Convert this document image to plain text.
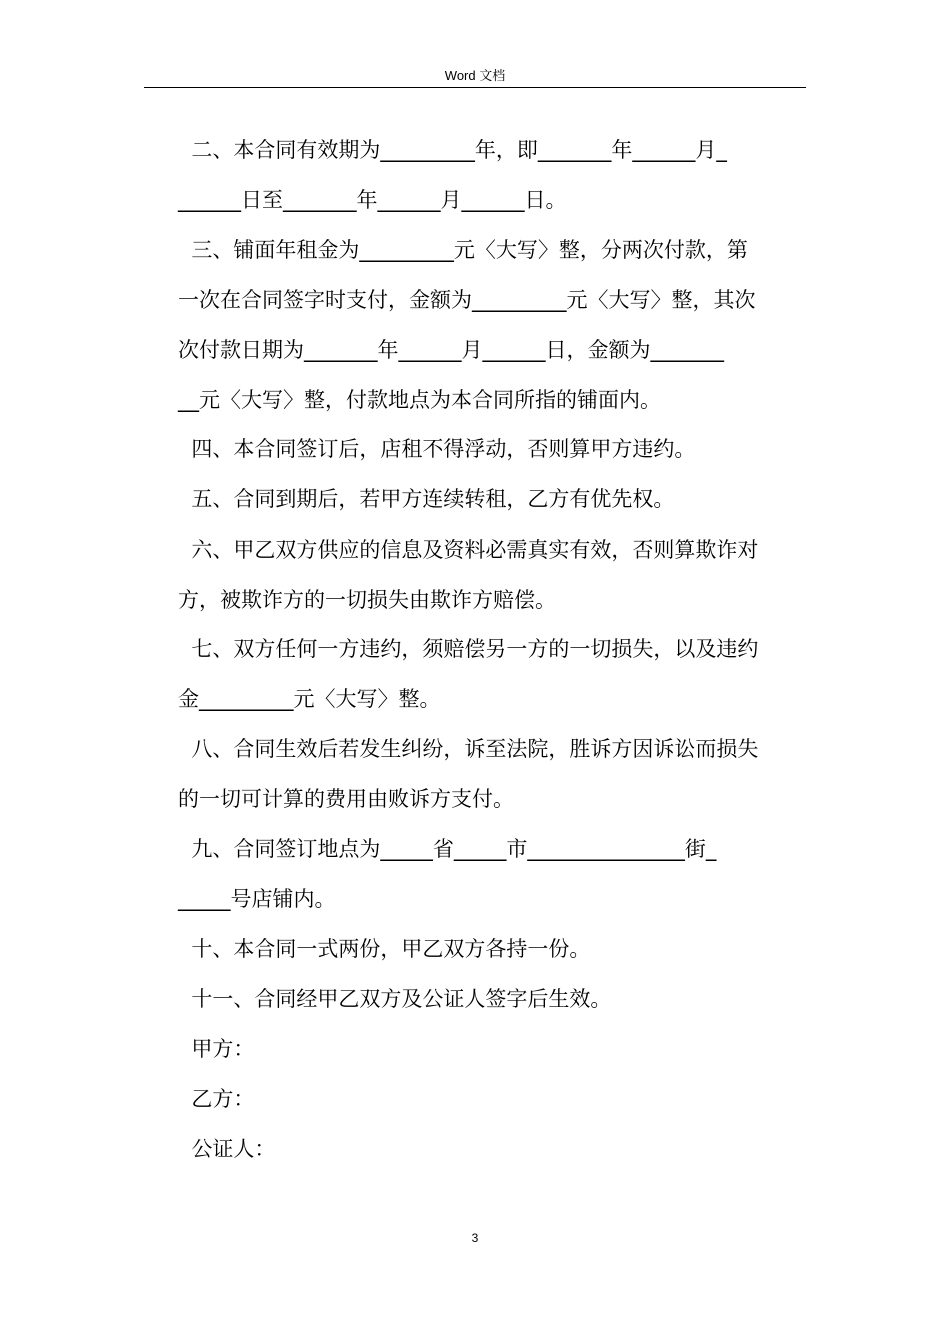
Word 文档
二、本合同有效期为_________年，即_______年______月_
______日至_______年______月______日。
三、铺面年租金为_________元〈大写〉整，分两次付款，第
一次在合同签字时支付，金额为_________元〈大写〉整，其次
次付款日期为_______年______月______日，金额为_______
__元〈大写〉整，付款地点为本合同所指的铺面内。
四、本合同签订后，店租不得浮动，否则算甲方违约。
五、合同到期后，若甲方连续转租，乙方有优先权。
六、甲乙双方供应的信息及资料必需真实有效，否则算欺诈对
方，被欺诈方的一切损失由欺诈方赔偿。
七、双方任何一方违约，须赔偿另一方的一切损失，以及违约
金_________元〈大写〉整。
八、合同生效后若发生纠纷，诉至法院，胜诉方因诉讼而损失
的一切可计算的费用由败诉方支付。
九、合同签订地点为_____省_____市_______________街_
_____号店铺内。
十、本合同一式两份，甲乙双方各持一份。
十一、合同经甲乙双方及公证人签字后生效。
甲方：
乙方：
公证人：
3
